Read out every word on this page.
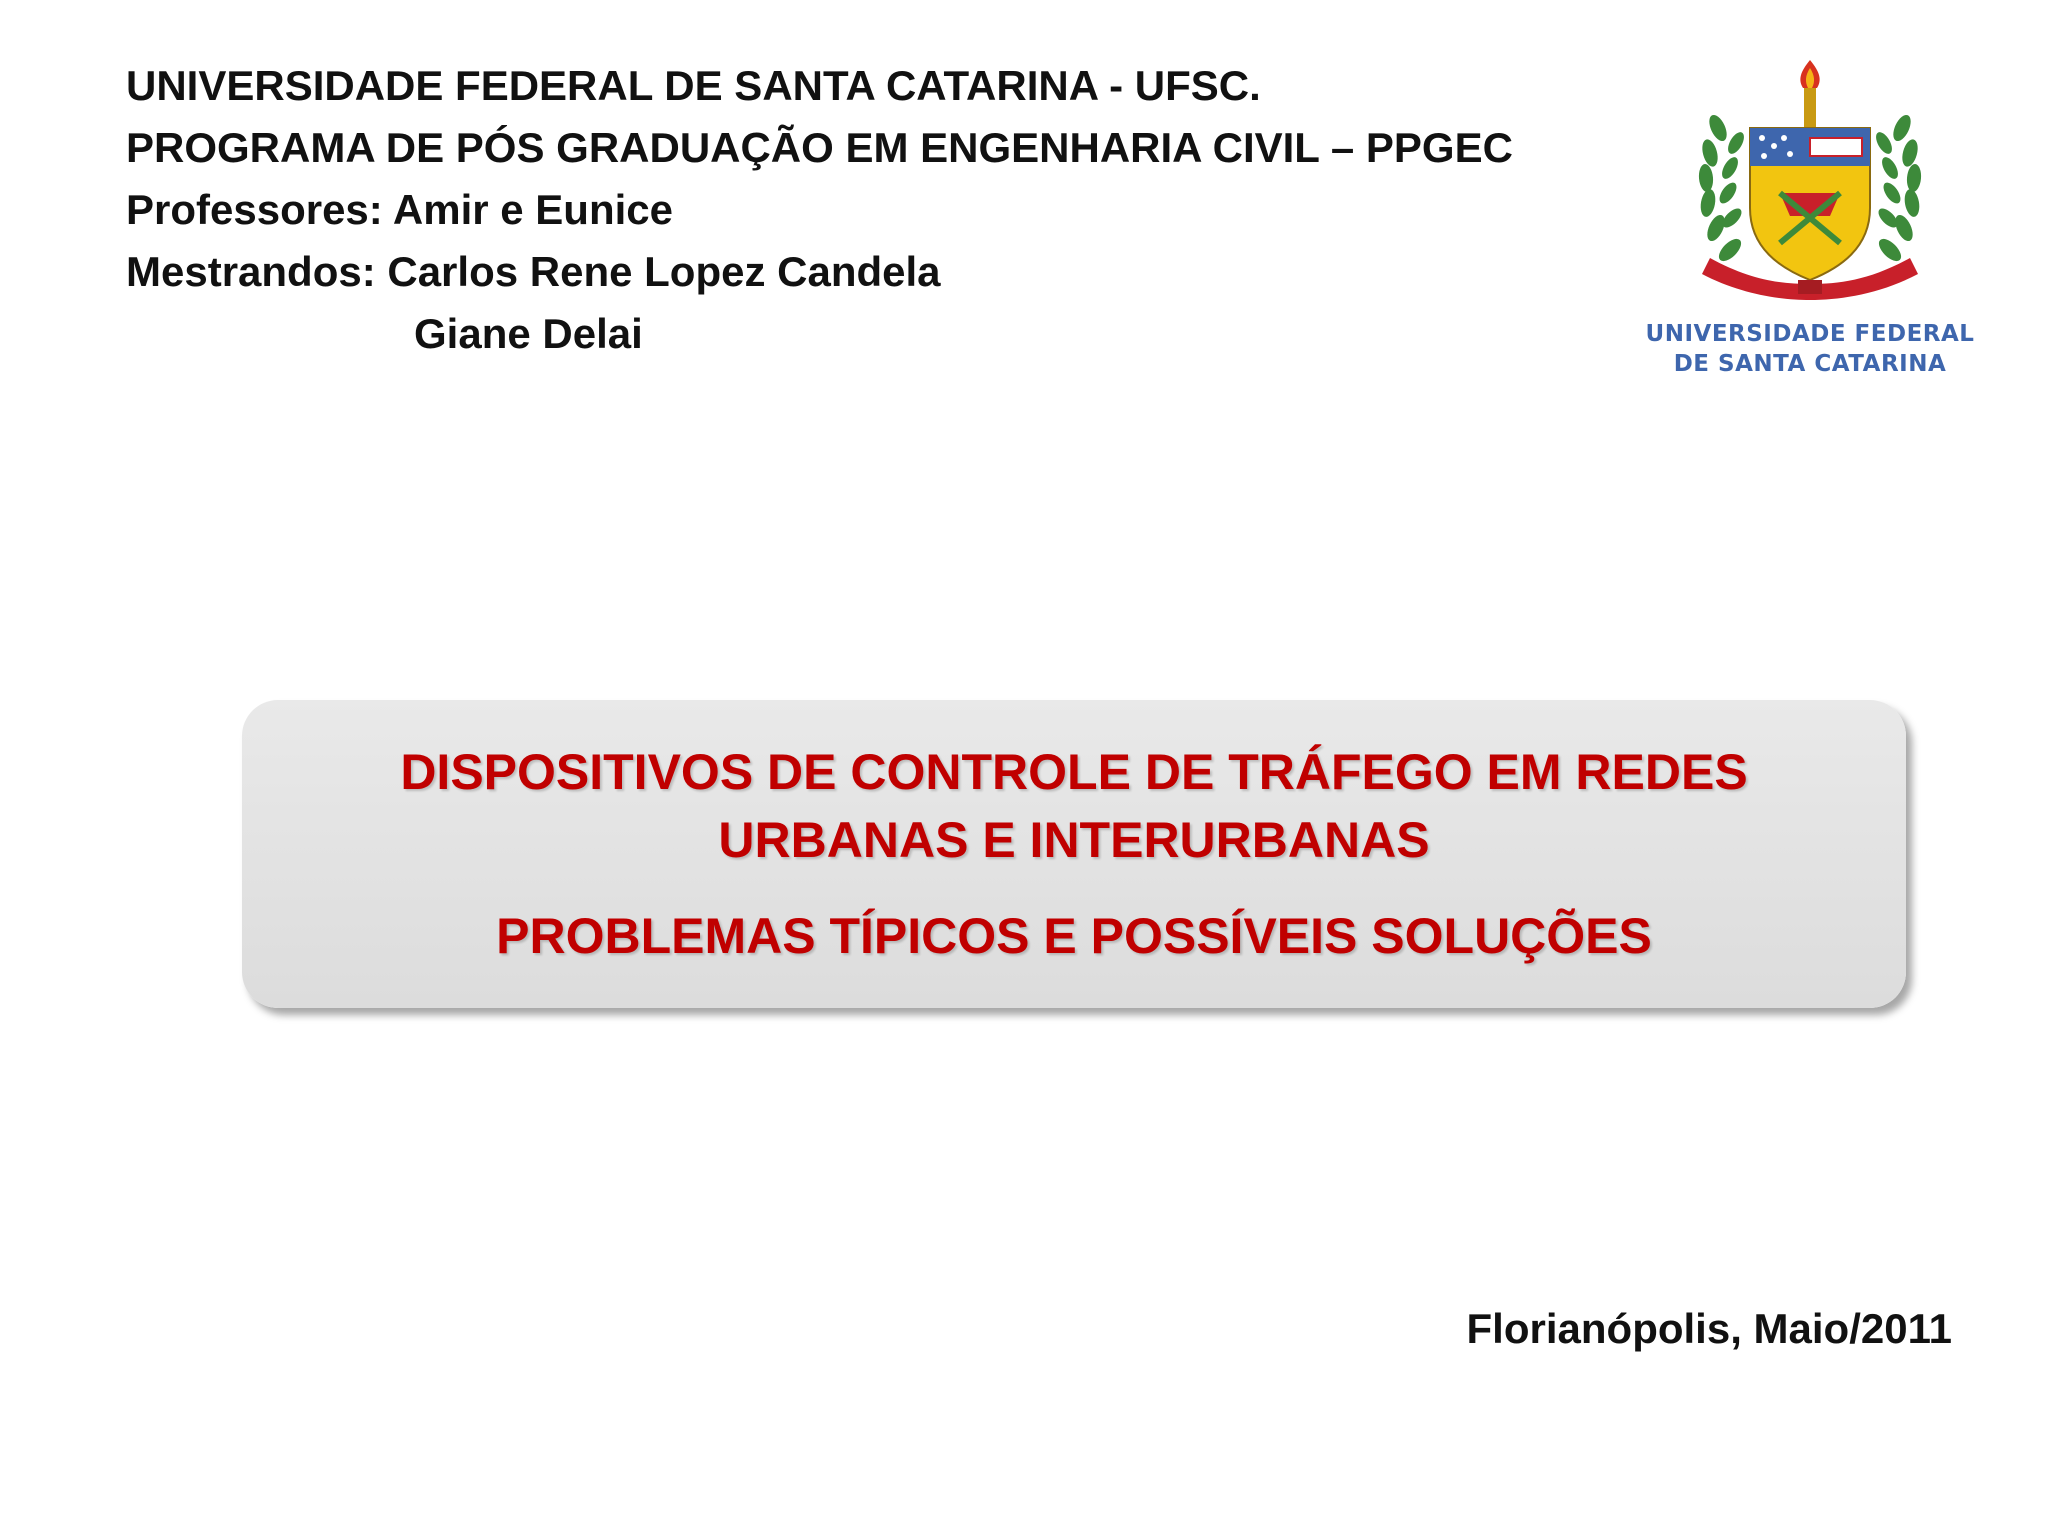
UNIVERSIDADE FEDERAL DE SANTA CATARINA - UFSC.
PROGRAMA DE PÓS GRADUAÇÃO EM ENGENHARIA CIVIL – PPGEC
Professores: Amir e Eunice
Mestrandos: Carlos Rene Lopez Candela
Giane Delai	UNIVERSIDADE FEDERAL
DE SANTA CATARINA
DISPOSITIVOS DE CONTROLE DE TRÁFEGO EM REDES
URBANAS E INTERURBANAS
PROBLEMAS TÍPICOS E POSSÍVEIS SOLUÇÕES
Florianópolis, Maio/2011
